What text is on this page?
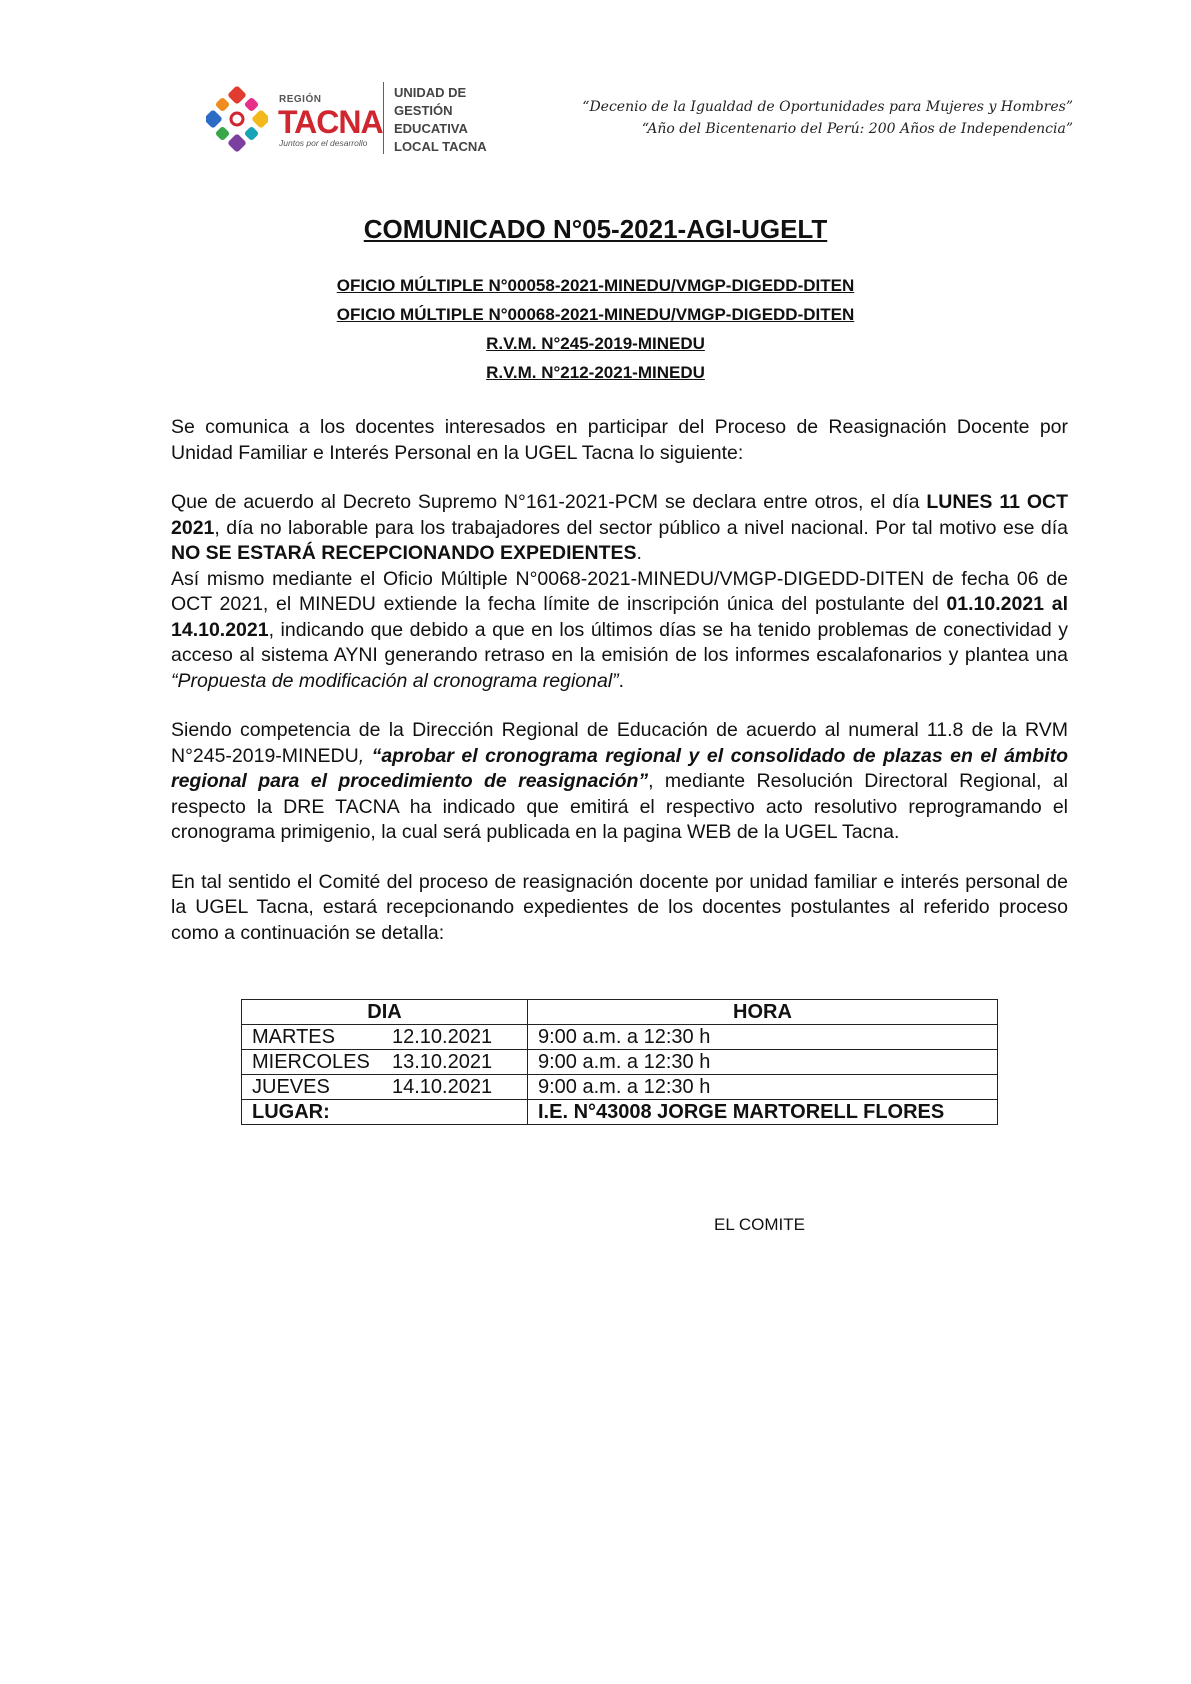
REGIÓN
TACNA
Juntos por el desarrollo
UNIDAD DE
GESTIÓN
EDUCATIVA
LOCAL TACNA
“Decenio de la Igualdad de Oportunidades para Mujeres y Hombres”
“Año del Bicentenario del Perú: 200 Años de Independencia”
COMUNICADO N°05-2021-AGI-UGELT
OFICIO MÚLTIPLE N°00058-2021-MINEDU/VMGP-DIGEDD-DITEN
OFICIO MÚLTIPLE N°00068-2021-MINEDU/VMGP-DIGEDD-DITEN
R.V.M. N°245-2019-MINEDU
R.V.M. N°212-2021-MINEDU

Se comunica a los docentes interesados en participar del Proceso de Reasignación Docente por Unidad Familiar e Interés Personal en la UGEL Tacna lo siguiente:

Que de acuerdo al Decreto Supremo N°161-2021-PCM se declara entre otros, el día LUNES 11 OCT 2021, día no laborable para los trabajadores del sector público a nivel nacional. Por tal motivo ese día NO SE ESTARÁ RECEPCIONANDO EXPEDIENTES.

Así mismo mediante el Oficio Múltiple N°0068-2021-MINEDU/VMGP-DIGEDD-DITEN de fecha 06 de OCT 2021, el MINEDU extiende la fecha límite de inscripción única del postulante del 01.10.2021 al 14.10.2021, indicando que debido a que en los últimos días se ha tenido problemas de conectividad y acceso al sistema AYNI generando retraso en la emisión de los informes escalafonarios y plantea una “Propuesta de modificación al cronograma regional”.

Siendo competencia de la Dirección Regional de Educación de acuerdo al numeral 11.8 de la RVM N°245-2019-MINEDU, “aprobar el cronograma regional y el consolidado de plazas en el ámbito regional para el procedimiento de reasignación”, mediante Resolución Directoral Regional, al respecto la DRE TACNA ha indicado que emitirá el respectivo acto resolutivo reprogramando el cronograma primigenio, la cual será publicada en la pagina WEB de la UGEL Tacna.

En tal sentido el Comité del proceso de reasignación docente por unidad familiar e interés personal de la UGEL Tacna, estará recepcionando expedientes de los docentes postulantes al referido proceso como a continuación se detalla:

DIA	HORA
MARTES 12.10.2021	9:00 a.m. a 12:30 h
MIERCOLES 13.10.2021	9:00 a.m. a 12:30 h
JUEVES 14.10.2021	9:00 a.m. a 12:30 h
LUGAR:	I.E. N°43008 JORGE MARTORELL FLORES
EL COMITE
